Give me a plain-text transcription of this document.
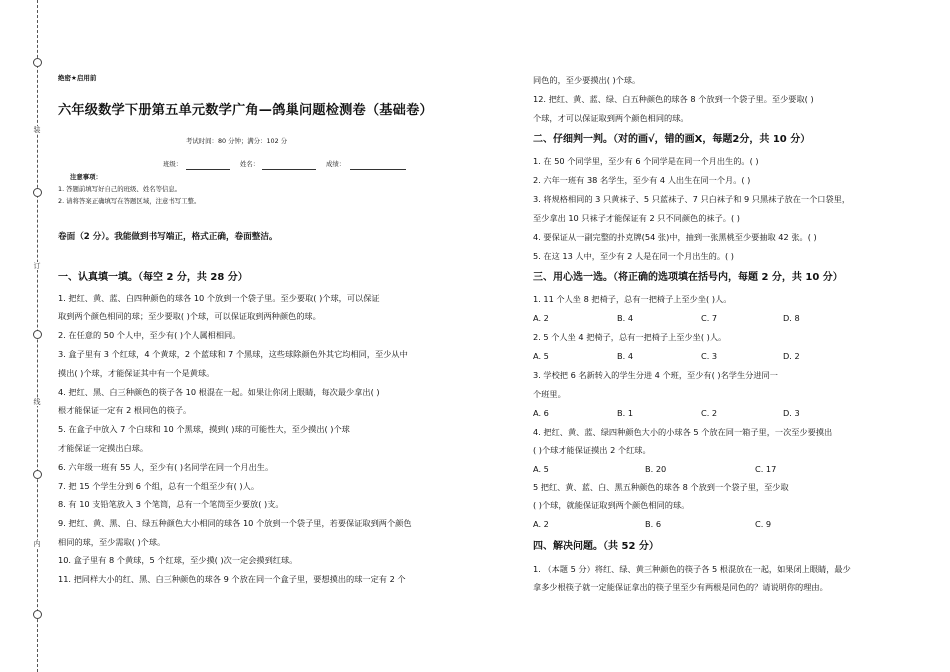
装
订
线
内
绝密★启用前
六年级数学下册第五单元数学广角—鸽巢问题检测卷（基础卷）
考试时间：80 分钟；满分：102 分
班级：	姓名：	成绩：
注意事项：
1. 答题前填写好自己的班级、姓名等信息。
2. 请将答案正确填写在答题区域，注意书写工整。
卷面（2 分）。我能做到书写端正，格式正确，卷面整洁。
一、认真填一填。（每空 2 分，共 28 分）
1. 把红、黄、蓝、白四种颜色的球各 10 个放到一个袋子里。至少要取( )个球，可以保证
取到两个颜色相同的球；至少要取( )个球，可以保证取到两种颜色的球。
2. 在任意的 50 个人中，至少有( )个人属相相同。
3. 盒子里有 3 个红球，4 个黄球，2 个蓝球和 7 个黑球，这些球除颜色外其它均相同，至少从中
摸出( )个球，才能保证其中有一个是黄球。
4. 把红、黑、白三种颜色的筷子各 10 根混在一起。如果让你闭上眼睛，每次最少拿出( )
根才能保证一定有 2 根同色的筷子。
5. 在盒子中放入 7 个白球和 10 个黑球，摸到( )球的可能性大，至少摸出( )个球
才能保证一定摸出白球。
6. 六年级一班有 55 人，至少有( )名同学在同一个月出生。
7. 把 15 个学生分到 6 个组，总有一个组至少有( )人。
8. 有 10 支铅笔放入 3 个笔筒，总有一个笔筒至少要放( )支。
9. 把红、黄、黑、白、绿五种颜色大小相同的球各 10 个放到一个袋子里，若要保证取到两个颜色
相同的球，至少需取( )个球。
10. 盒子里有 8 个黄球，5 个红球，至少摸( )次一定会摸到红球。
11. 把同样大小的红、黑、白三种颜色的球各 9 个放在同一个盒子里，要想摸出的球一定有 2 个
同色的，至少要摸出( )个球。
12. 把红、黄、蓝、绿、白五种颜色的球各 8 个放到一个袋子里。至少要取( )
个球，才可以保证取到两个颜色相同的球。
二、仔细判一判。（对的画√，错的画X，每题2分，共 10 分）
1. 在 50 个同学里，至少有 6 个同学是在同一个月出生的。( )
2. 六年一班有 38 名学生，至少有 4 人出生在同一个月。( )
3. 将规格相同的 3 只黄袜子、5 只蓝袜子、7 只白袜子和 9 只黑袜子放在一个口袋里，
至少拿出 10 只袜子才能保证有 2 只不同颜色的袜子。( )
4. 要保证从一副完整的扑克牌(54 张)中，抽到一张黑桃至少要抽取 42 张。( )
5. 在这 13 人中，至少有 2 人是在同一个月出生的。( )
三、用心选一选。（将正确的选项填在括号内，每题 2 分，共 10 分）
1. 11 个人坐 8 把椅子，总有一把椅子上至少坐( )人。
A. 2	B. 4	C. 7	D. 8
2. 5 个人坐 4 把椅子，总有一把椅子上至少坐( )人。
A. 5	B. 4	C. 3	D. 2
3. 学校把 6 名新转入的学生分进 4 个班，至少有( )名学生分进同一
个班里。
A. 6	B. 1	C. 2	D. 3
4. 把红、黄、蓝、绿四种颜色大小的小球各 5 个放在同一箱子里，一次至少要摸出
( )个球才能保证摸出 2 个红球。
A. 5	B. 20	C. 17
5 把红、黄、蓝、白、黑五种颜色的球各 8 个放到一个袋子里，至少取
( )个球，就能保证取到两个颜色相同的球。
A. 2	B. 6	C. 9
四、解决问题。（共 52 分）
1. （本题 5 分）将红、绿、黄三种颜色的筷子各 5 根混放在一起，如果闭上眼睛，最少
拿多少根筷子就一定能保证拿出的筷子里至少有两根是同色的？请说明你的理由。
